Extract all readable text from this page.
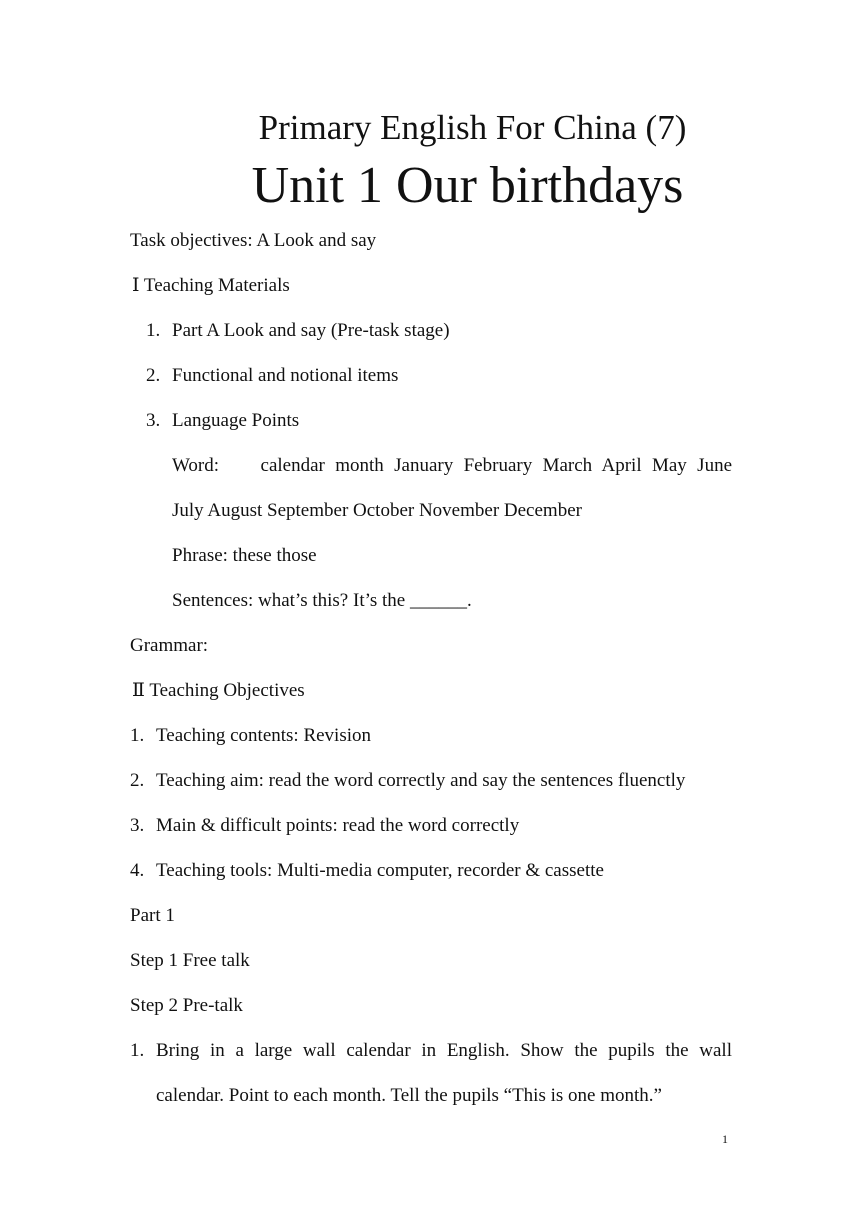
Primary English For China (7)
Unit 1 Our birthdays
Task objectives: A Look and say
Ⅰ Teaching Materials
1. Part A Look and say (Pre-task stage)
2. Functional and notional items
3. Language Points
Word:    calendar month January February March April May June
July August September October November December
Phrase: these those
Sentences: what’s this? It’s the ______.
Grammar:
Ⅱ Teaching Objectives
1. Teaching contents: Revision
2. Teaching aim: read the word correctly and say the sentences fluenctly
3. Main & difficult points: read the word correctly
4. Teaching tools: Multi-media computer, recorder & cassette
Part 1
Step 1 Free talk
Step 2 Pre-talk
1. Bring in a large wall calendar in English. Show the pupils the wall
calendar. Point to each month. Tell the pupils “This is one month.”
1
